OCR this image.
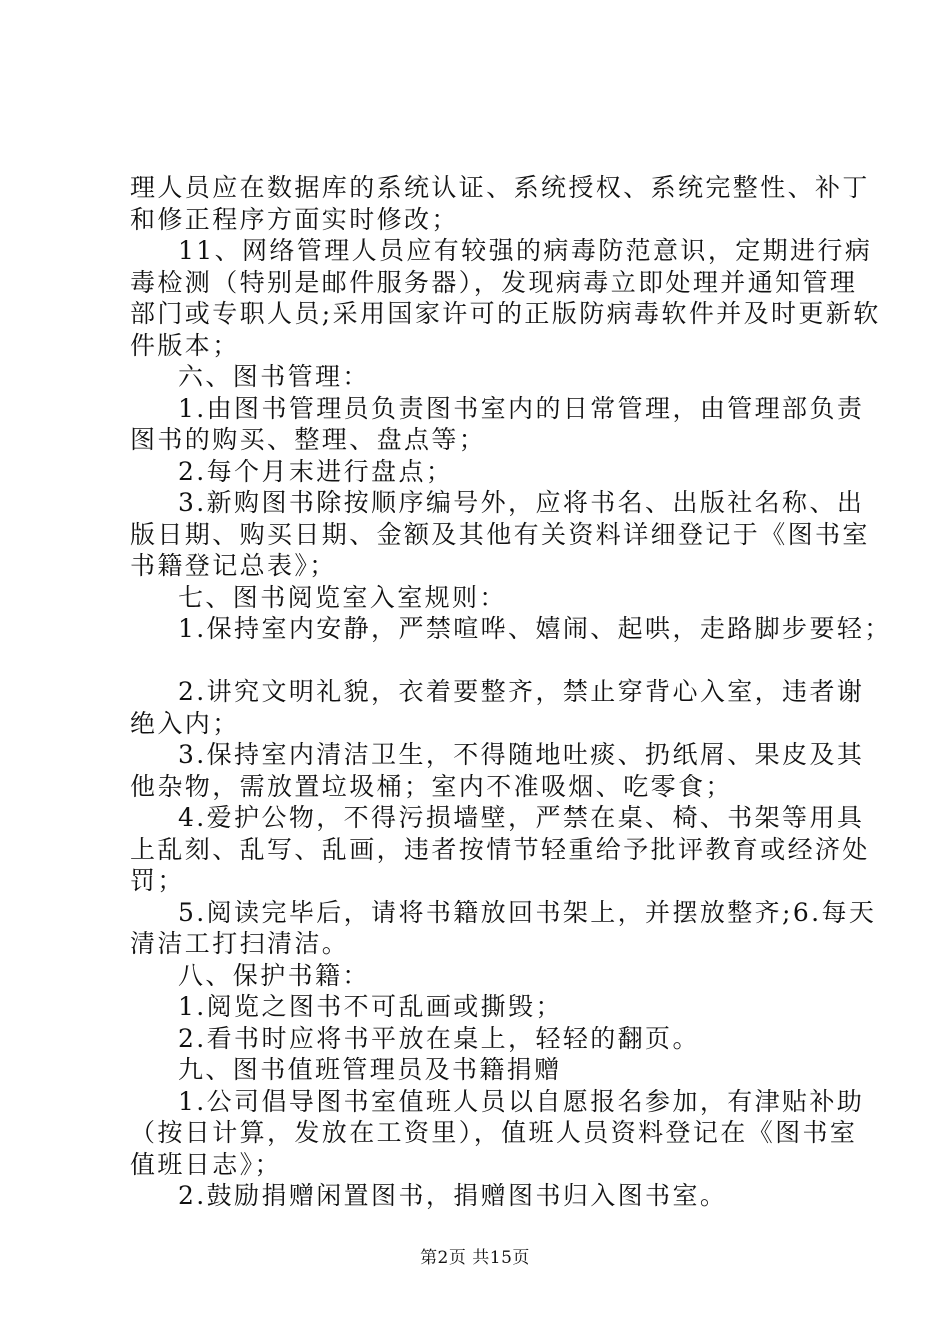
理人员应在数据库的系统认证、系统授权、系统完整性、补丁
和修正程序方面实时修改；
11、网络管理人员应有较强的病毒防范意识，定期进行病
毒检测（特别是邮件服务器），发现病毒立即处理并通知管理
部门或专职人员;采用国家许可的正版防病毒软件并及时更新软
件版本；
六、图书管理：
1.由图书管理员负责图书室内的日常管理，由管理部负责
图书的购买、整理、盘点等；
2.每个月末进行盘点；
3.新购图书除按顺序编号外，应将书名、出版社名称、出
版日期、购买日期、金额及其他有关资料详细登记于《图书室
书籍登记总表》；
七、图书阅览室入室规则：
1.保持室内安静，严禁喧哗、嬉闹、起哄，走路脚步要轻；
2.讲究文明礼貌，衣着要整齐，禁止穿背心入室，违者谢
绝入内；
3.保持室内清洁卫生，不得随地吐痰、扔纸屑、果皮及其
他杂物，需放置垃圾桶；室内不准吸烟、吃零食；
4.爱护公物，不得污损墙壁，严禁在桌、椅、书架等用具
上乱刻、乱写、乱画，违者按情节轻重给予批评教育或经济处
罚；
5.阅读完毕后，请将书籍放回书架上，并摆放整齐;6.每天
清洁工打扫清洁。
八、保护书籍：
1.阅览之图书不可乱画或撕毁；
2.看书时应将书平放在桌上，轻轻的翻页。
九、图书值班管理员及书籍捐赠
1.公司倡导图书室值班人员以自愿报名参加，有津贴补助
（按日计算，发放在工资里），值班人员资料登记在《图书室
值班日志》；
2.鼓励捐赠闲置图书，捐赠图书归入图书室。
第2页 共15页
